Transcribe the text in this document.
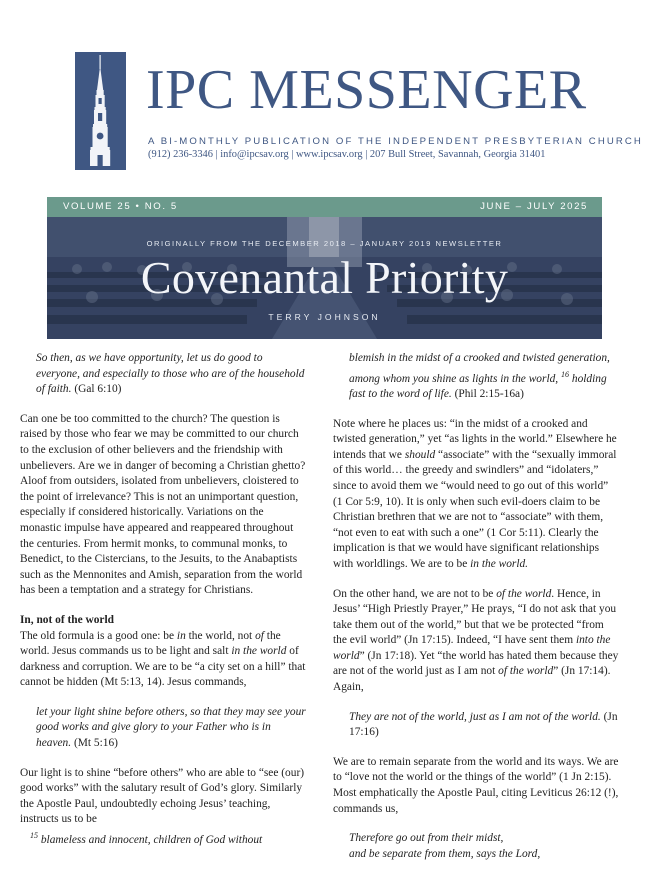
IPC MESSENGER
A BI-MONTHLY PUBLICATION OF THE INDEPENDENT PRESBYTERIAN CHURCH
(912) 236-3346 | info@ipcsav.org | www.ipcsav.org | 207 Bull Street, Savannah, Georgia 31401
VOLUME 25 • NO. 5	JUNE – JULY 2025
ORIGINALLY FROM THE DECEMBER 2018 – JANUARY 2019 NEWSLETTER
Covenantal Priority
TERRY JOHNSON
So then, as we have opportunity, let us do good to everyone, and especially to those who are of the household of faith. (Gal 6:10)

Can one be too committed to the church? The question is raised by those who fear we may be committed to our church to the exclusion of other believers and the friendship with unbelievers. Are we in danger of becoming a Christian ghetto? Aloof from outsiders, isolated from unbelievers, cloistered to the point of irrelevance? This is not an unimportant question, especially if considered historically. Variations on the monastic impulse have appeared and reappeared throughout the centuries. From hermit monks, to communal monks, to Benedict, to the Cistercians, to the Jesuits, to the Anabaptists such as the Mennonites and Amish, separation from the world has been a temptation and a strategy for Christians.

In, not of the world

The old formula is a good one: be in the world, not of the world. Jesus commands us to be light and salt in the world of darkness and corruption. We are to be “a city set on a hill” that cannot be hidden (Mt 5:13, 14). Jesus commands,

let your light shine before others, so that they may see your good works and give glory to your Father who is in heaven. (Mt 5:16)

Our light is to shine “before others” who are able to “see (our) good works” with the salutary result of God’s glory. Similarly the Apostle Paul, undoubtedly echoing Jesus’ teaching, instructs us to be

$^{15}$ blameless and innocent, children of God without
blemish in the midst of a crooked and twisted generation, among whom you shine as lights in the world, $^{16}$ holding fast to the word of life. (Phil 2:15-16a)

Note where he places us: “in the midst of a crooked and twisted generation,” yet “as lights in the world.” Elsewhere he intends that we should “associate” with the “sexually immoral of this world… the greedy and swindlers” and “idolaters,” since to avoid them we “would need to go out of this world” (1 Cor 5:9, 10). It is only when such evil-doers claim to be Christian brethren that we are not to “associate” with them, “not even to eat with such a one” (1 Cor 5:11). Clearly the implication is that we would have significant relationships with worldlings. We are to be in the world.

On the other hand, we are not to be of the world. Hence, in Jesus’ “High Priestly Prayer,” He prays, “I do not ask that you take them out of the world,” but that we be protected “from the evil world” (Jn 17:15). Indeed, “I have sent them into the world” (Jn 17:18). Yet “the world has hated them because they are not of the world just as I am not of the world” (Jn 17:14). Again,

They are not of the world, just as I am not of the world. (Jn 17:16)

We are to remain separate from the world and its ways. We are to “love not the world or the things of the world” (1 Jn 2:15). Most emphatically the Apostle Paul, citing Leviticus 26:12 (!), commands us,

Therefore go out from their midst,
and be separate from them, says the Lord,
